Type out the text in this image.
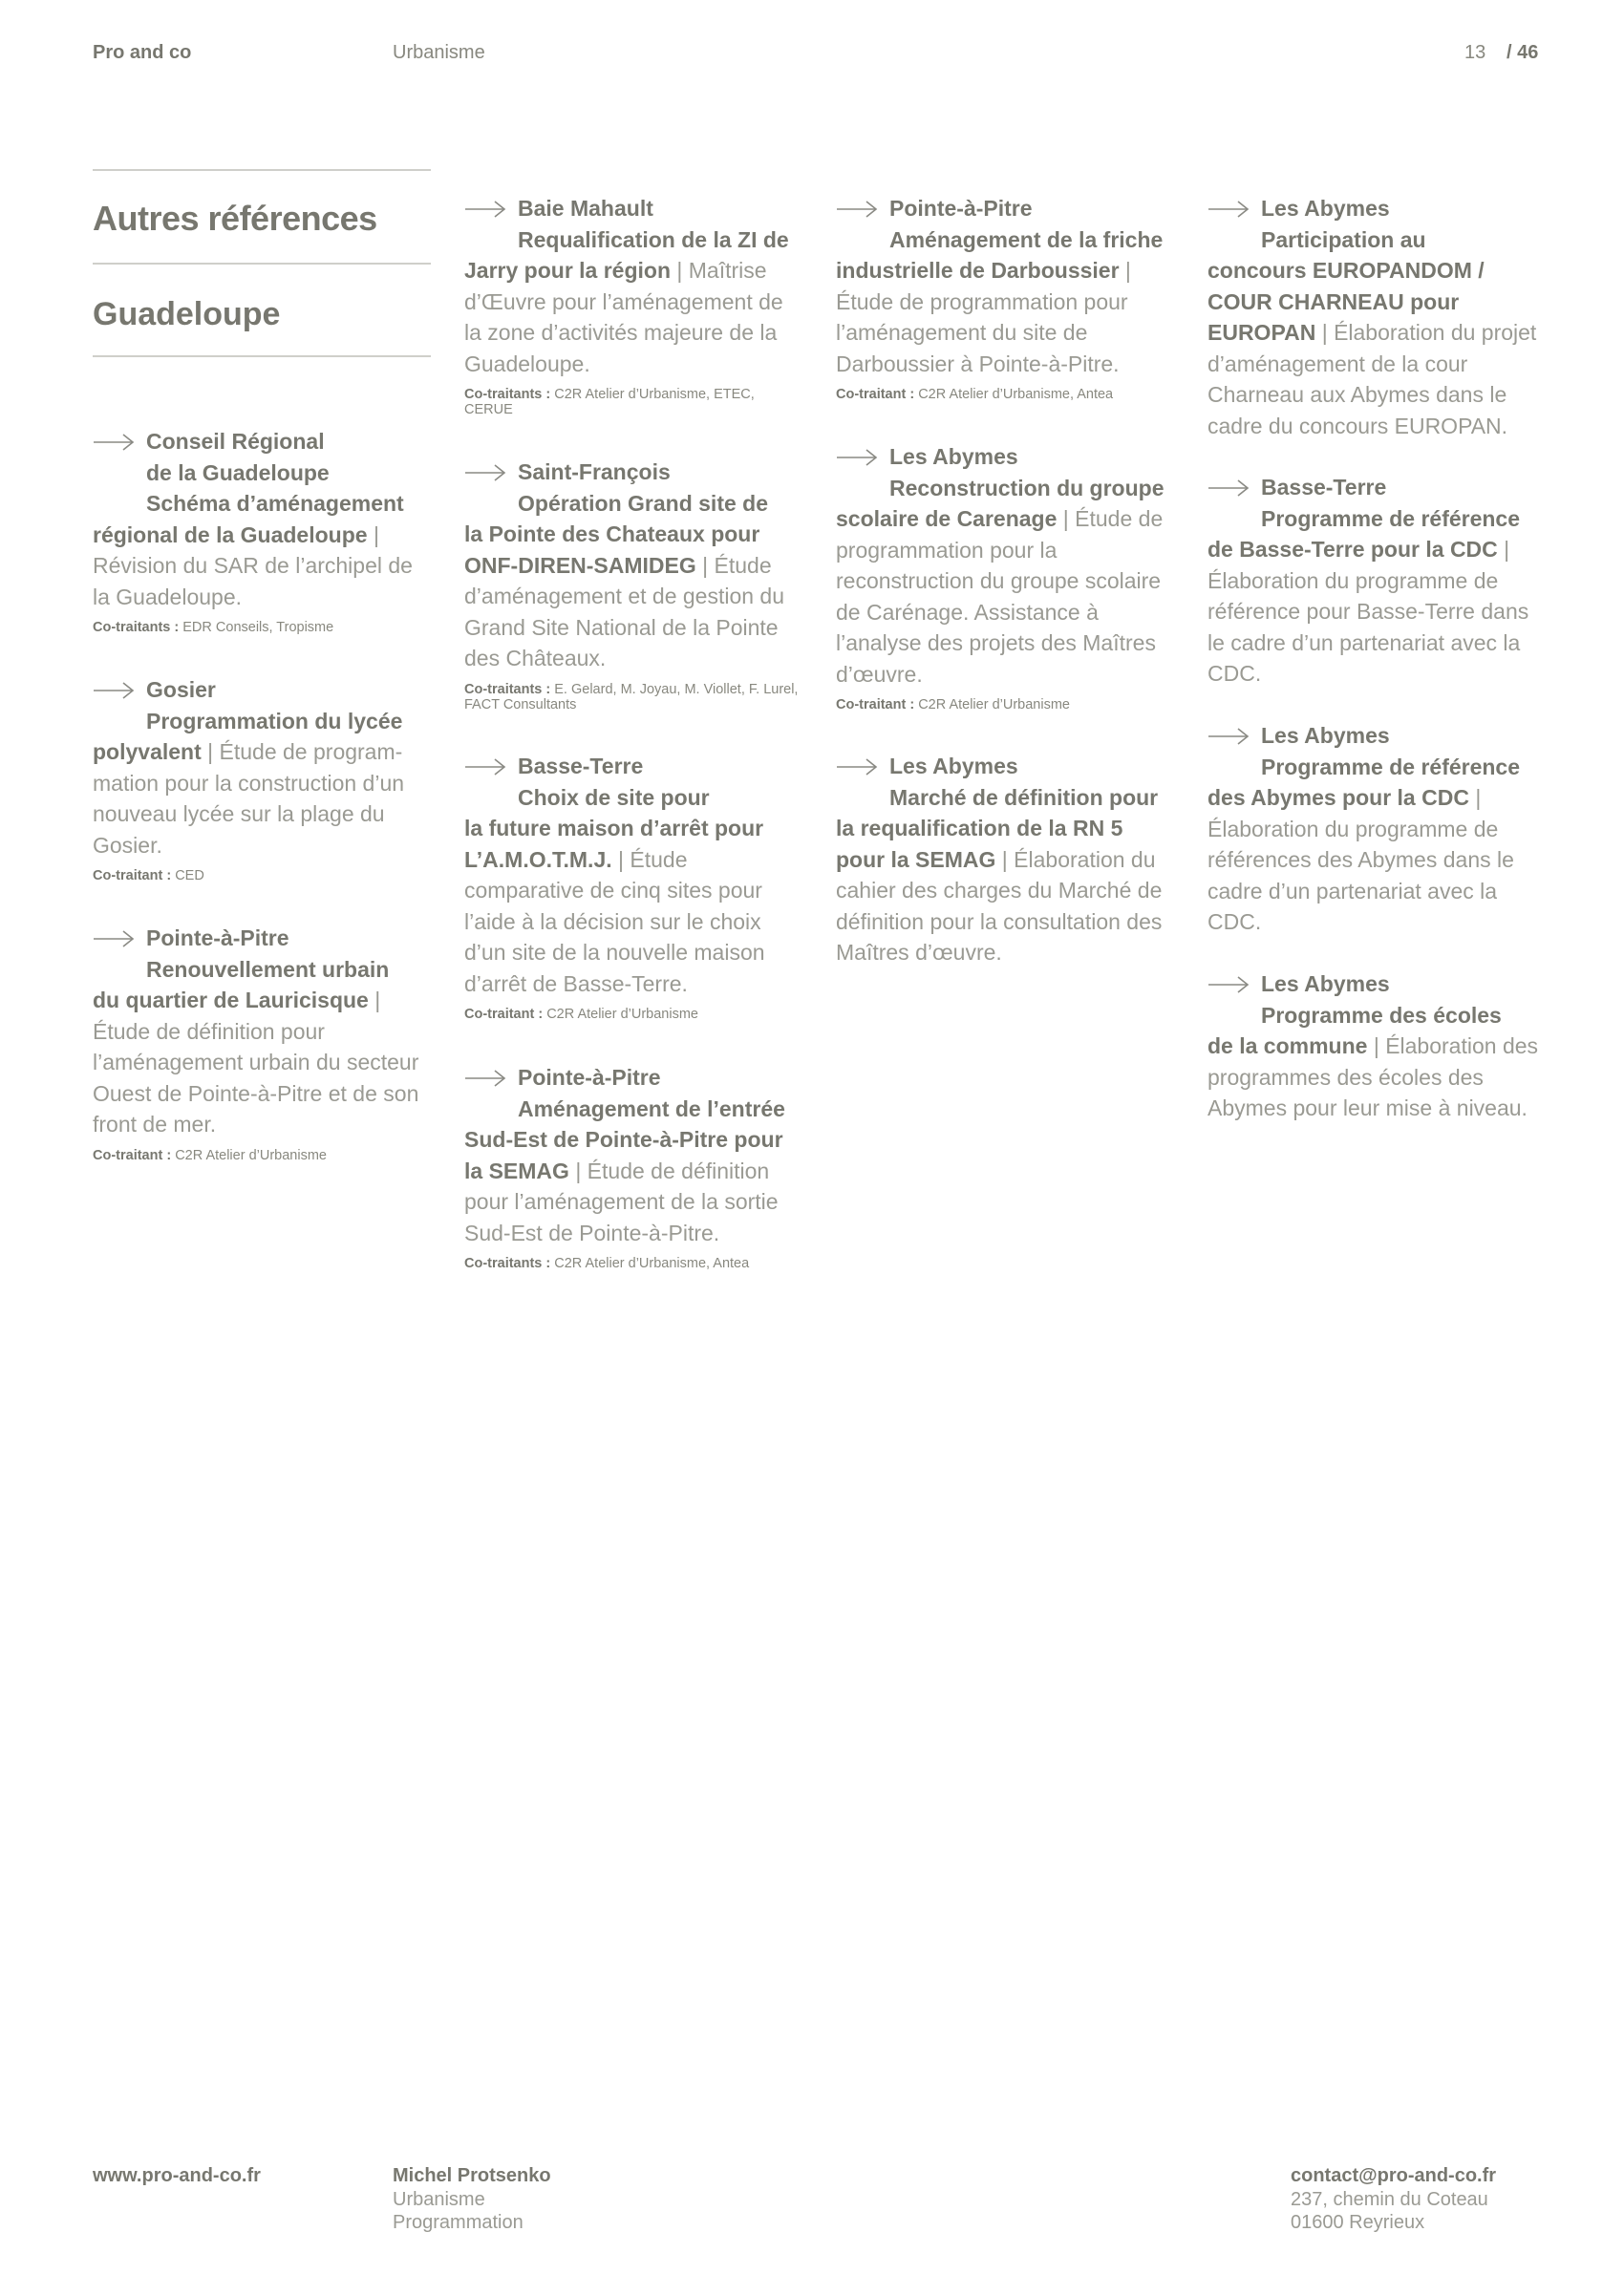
Pro and co	Urbanisme	13 / 46
Autres références
Guadeloupe
Conseil Régional
de la Guadeloupe
Schéma d’aménagement
régional de la Guadeloupe | Révision du SAR de l’archipel de la Guadeloupe.
Co-traitants : EDR Conseils, Tropisme
Gosier
Programmation du lycée
polyvalent | Étude de program-mation pour la construction d’un nouveau lycée sur la plage du Gosier.
Co-traitant : CED
Pointe-à-Pitre
Renouvellement urbain
du quartier de Lauricisque | Étude de définition pour l’aménagement urbain du secteur Ouest de Pointe-à-Pitre et de son front de mer.
Co-traitant : C2R Atelier d’Urbanisme
Baie Mahault
Requalification de la ZI de
Jarry pour la région | Maîtrise d’Œuvre pour l’aménagement de la zone d’activités majeure de la Guadeloupe.
Co-traitants : C2R Atelier d’Urbanisme, ETEC, CERUE
Saint-François
Opération Grand site de
la Pointe des Chateaux pour ONF-DIREN-SAMIDEG | Étude d’aménagement et de gestion du Grand Site National de la Pointe des Châteaux.
Co-traitants : E. Gelard, M. Joyau, M. Viollet, F. Lurel, FACT Consultants
Basse-Terre
Choix de site pour
la future maison d’arrêt pour L’A.M.O.T.M.J. | Étude comparative de cinq sites pour l’aide à la décision sur le choix d’un site de la nouvelle maison d’arrêt de Basse-Terre.
Co-traitant : C2R Atelier d’Urbanisme
Pointe-à-Pitre
Aménagement de l’entrée
Sud-Est de Pointe-à-Pitre pour la SEMAG | Étude de définition pour l’aménagement de la sortie Sud-Est de Pointe-à-Pitre.
Co-traitants : C2R Atelier d’Urbanisme, Antea
Pointe-à-Pitre
Aménagement de la friche
industrielle de Darboussier | Étude de programmation pour l’aménagement du site de Darboussier à Pointe-à-Pitre.
Co-traitant : C2R Atelier d’Urbanisme, Antea
Les Abymes
Reconstruction du groupe
scolaire de Carenage | Étude de programmation pour la reconstruction du groupe scolaire de Carénage. Assistance à l’analyse des projets des Maîtres d’œuvre.
Co-traitant : C2R Atelier d’Urbanisme
Les Abymes
Marché de définition pour
la requalification de la RN 5 pour la SEMAG | Élaboration du cahier des charges du Marché de définition pour la consultation des Maîtres d’œuvre.
Les Abymes
Participation au
concours EUROPANDOM / COUR CHARNEAU pour EUROPAN | Élaboration du projet d’aménagement de la cour Charneau aux Abymes dans le cadre du concours EUROPAN.
Basse-Terre
Programme de référence
de Basse-Terre pour la CDC | Élaboration du programme de référence pour Basse-Terre dans le cadre d’un partenariat avec la CDC.
Les Abymes
Programme de référence
des Abymes pour la CDC | Élaboration du programme de références des Abymes dans le cadre d’un partenariat avec la CDC.
Les Abymes
Programme des écoles
de la commune | Élaboration des programmes des écoles des Abymes pour leur mise à niveau.
www.pro-and-co.fr	Michel Protsenko
Urbanisme
Programmation
contact@pro-and-co.fr
237, chemin du Coteau
01600 Reyrieux
